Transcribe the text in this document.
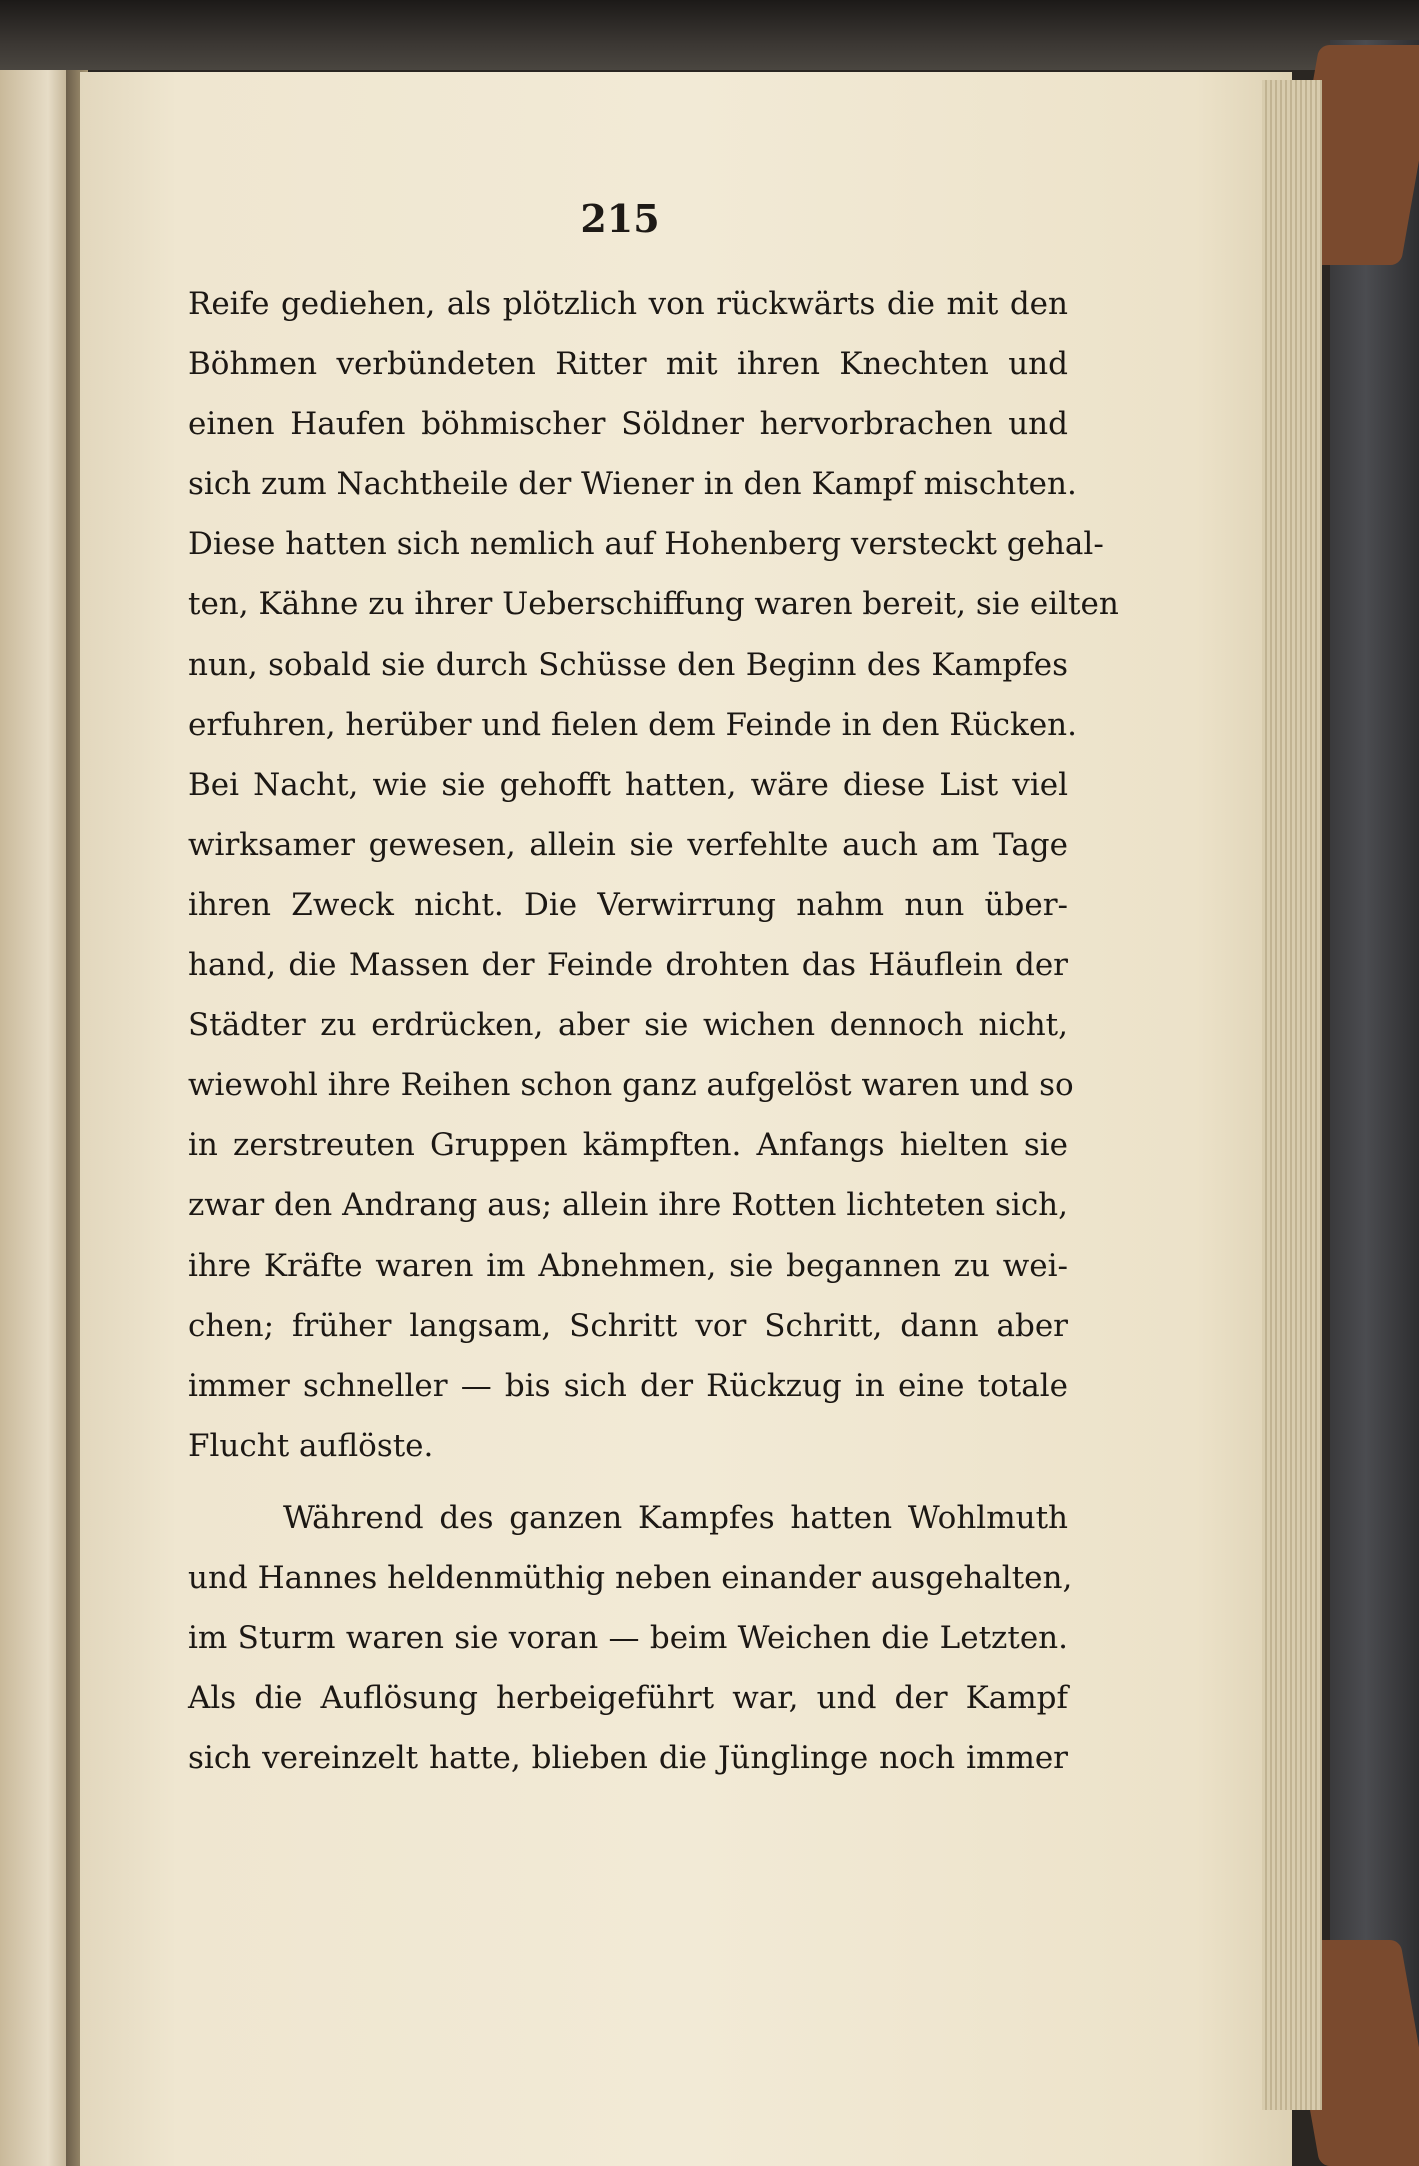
215
Reife gediehen, als plötzlich von rückwärts die mit den
Böhmen verbündeten Ritter mit ihren Knechten und
einen Haufen böhmischer Söldner hervorbrachen und
sich zum Nachtheile der Wiener in den Kampf mischten.
Diese hatten sich nemlich auf Hohenberg versteckt gehal-
ten, Kähne zu ihrer Ueberschiffung waren bereit, sie eilten
nun, sobald sie durch Schüsse den Beginn des Kampfes
erfuhren, herüber und fielen dem Feinde in den Rücken.
Bei Nacht, wie sie gehofft hatten, wäre diese List viel
wirksamer gewesen, allein sie verfehlte auch am Tage
ihren Zweck nicht. Die Verwirrung nahm nun über-
hand, die Massen der Feinde drohten das Häuflein der
Städter zu erdrücken, aber sie wichen dennoch nicht,
wiewohl ihre Reihen schon ganz aufgelöst waren und so
in zerstreuten Gruppen kämpften. Anfangs hielten sie
zwar den Andrang aus; allein ihre Rotten lichteten sich,
ihre Kräfte waren im Abnehmen, sie begannen zu wei-
chen; früher langsam, Schritt vor Schritt, dann aber
immer schneller — bis sich der Rückzug in eine totale
Flucht auflöste.
Während des ganzen Kampfes hatten Wohlmuth
und Hannes heldenmüthig neben einander ausgehalten,
im Sturm waren sie voran — beim Weichen die Letzten.
Als die Auflösung herbeigeführt war, und der Kampf
sich vereinzelt hatte, blieben die Jünglinge noch immer
